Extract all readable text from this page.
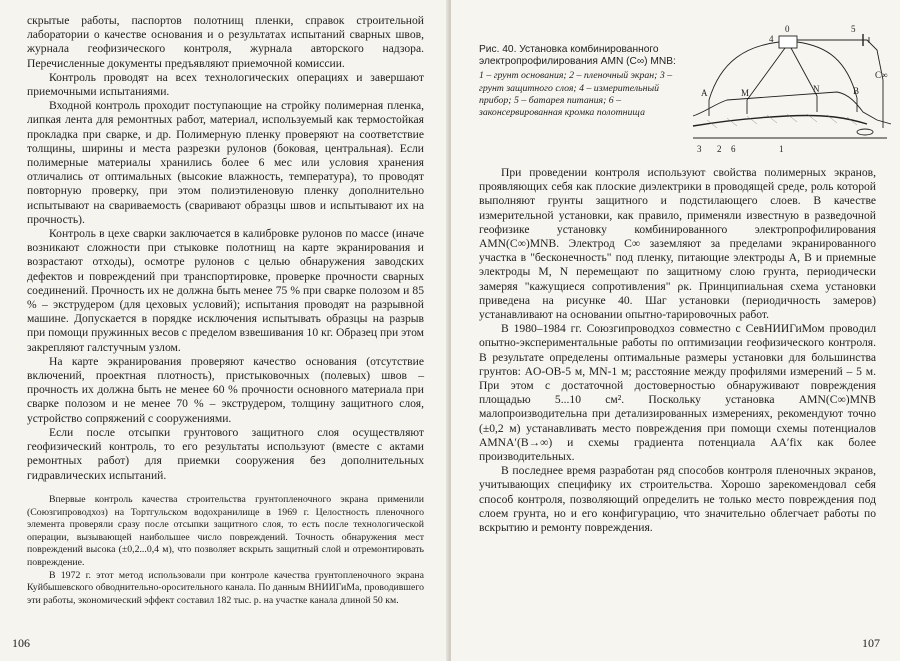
скрытые работы, паспортов полотнищ пленки, справок строительной лаборатории о качестве основания и о результатах испытаний сварных швов, журнала геофизического контроля, журнала авторского надзора. Перечисленные документы предъявляют приемочной комиссии.

Контроль проводят на всех технологических операциях и завершают приемочными испытаниями.

Входной контроль проходит поступающие на стройку полимерная пленка, липкая лента для ремонтных работ, материал, используемый как термостойкая прокладка при сварке, и др. Полимерную пленку проверяют на соответствие толщины, ширины и места разрезки рулонов (боковая, центральная). Если полимерные материалы хранились более 6 мес или условия хранения отличались от оптимальных (высокие влажность, температура), то проводят повторную проверку, при этом полиэтиленовую пленку дополнительно испытывают на свариваемость (сваривают образцы швов и испытывают их на прочность).

Контроль в цехе сварки заключается в калибровке рулонов по массе (иначе возникают сложности при стыковке полотнищ на карте экранирования и возрастают отходы), осмотре рулонов с целью обнаружения заводских дефектов и повреждений при транспортировке, проверке прочности сварных соединений. Прочность их не должна быть менее 75 % при сварке полозом и 85 % – экструдером (для цеховых условий); испытания проводят на разрывной машине. Допускается в порядке исключения испытывать образцы на разрыв при помощи пружинных весов с пределом взвешивания 10 кг. Образец при этом закрепляют галстучным узлом.

На карте экранирования проверяют качество основания (отсутствие включений, проектная плотность), пристыковочных (полевых) швов – прочность их должна быть не менее 60 % прочности основного материала при сварке полозом и не менее 70 % – экструдером, толщину защитного слоя, устройство сопряжений с сооружениями.

Если после отсыпки грунтового защитного слоя осуществляют геофизический контроль, то его результаты используют (вместе с актами ремонтных работ) для приемки сооружения без дополнительных гидравлических испытаний.

Впервые контроль качества строительства грунтопленочного экрана применили (Союзгипроводхоз) на Тортгульском водохранилище в 1969 г. Целостность пленочного элемента проверяли сразу после отсыпки защитного слоя, то есть после технологической операции, вызывающей наибольшее число повреждений. Точность обнаружения мест повреждений высока (±0,2...0,4 м), что позволяет вскрыть защитный слой и отремонтировать повреждение.

В 1972 г. этот метод использовали при контроле качества грунтопленочного экрана Куйбышевского обводнительно-оросительного канала. По данным ВНИИГиМа, проводившего эти работы, экономический эффект составил 182 тыс. р. на участке канала длиной 50 км.

106
Рис. 40. Установка комбинированного электропрофилирования AMN (C∞) MNB:
1 – грунт основания; 2 – пленочный экран; 3 – грунт защитного слоя; 4 – измерительный прибор; 5 – батарея питания; 6 – законсервированная кромка полотнища
0
4
5
C∞
A	M	N	B
3 2 6	1

При проведении контроля используют свойства полимерных экранов, проявляющих себя как плоские диэлектрики в проводящей среде, роль которой выполняют грунты защитного и подстилающего слоев. В качестве измерительной установки, как правило, применяли известную в разведочной геофизике установку комбинированного электропрофилирования AMN(C∞)MNB. Электрод C∞ заземляют за пределами экранированного участка в "бесконечность" под пленку, питающие электроды A, B и приемные электроды M, N перемещают по защитному слою грунта, периодически замеряя "кажущиеся сопротивления" ρк. Принципиальная схема установки приведена на рисунке 40. Шаг установки (периодичность замеров) устанавливают на основании опытно-тарировочных работ.

В 1980–1984 гг. Союзгипроводхоз совместно с СевНИИГиМом проводил опытно-экспериментальные работы по оптимизации геофизического контроля. В результате определены оптимальные размеры установки для большинства грунтов: AO-OB-5 м, MN-1 м; расстояние между профилями измерений – 5 м. При этом с достаточной достоверностью обнаруживают повреждения площадью 5...10 см². Поскольку установка AMN(C∞)MNB малопроизводительна при детализированных измерениях, рекомендуют точно (±0,2 м) устанавливать место повреждения при помощи схемы потенциалов AMNA′(B→∞) и схемы градиента потенциала AA′fix как более производительных.

В последнее время разработан ряд способов контроля пленочных экранов, учитывающих специфику их строительства. Хорошо зарекомендовал себя способ контроля, позволяющий определить не только место повреждения под слоем грунта, но и его конфигурацию, что значительно облегчает работы по вскрытию и ремонту повреждения.

107
